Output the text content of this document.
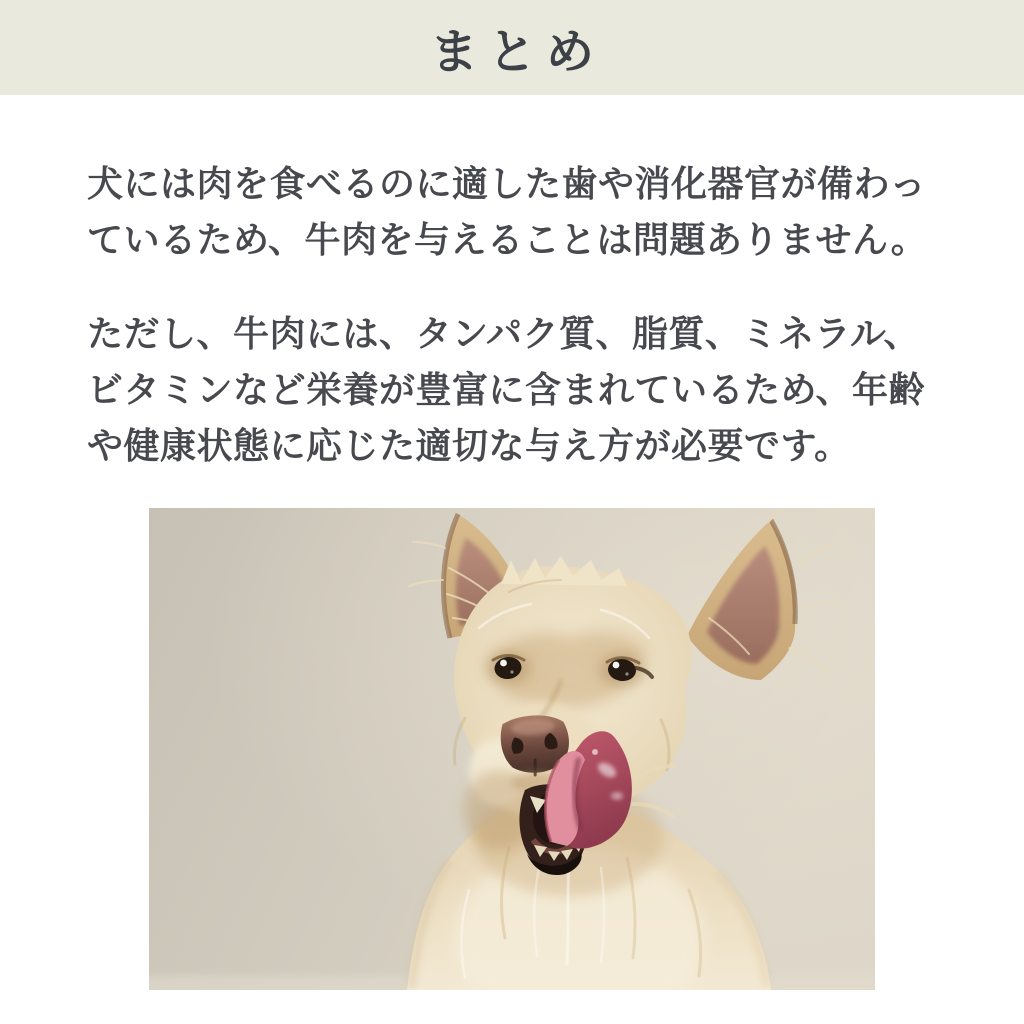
まとめ
犬には肉を食べるのに適した歯や消化器官が備わっ
ているため、牛肉を与えることは問題ありません。
ただし、牛肉には、タンパク質、脂質、ミネラル、
ビタミンなど栄養が豊富に含まれているため、年齢
や健康状態に応じた適切な与え方が必要です。
